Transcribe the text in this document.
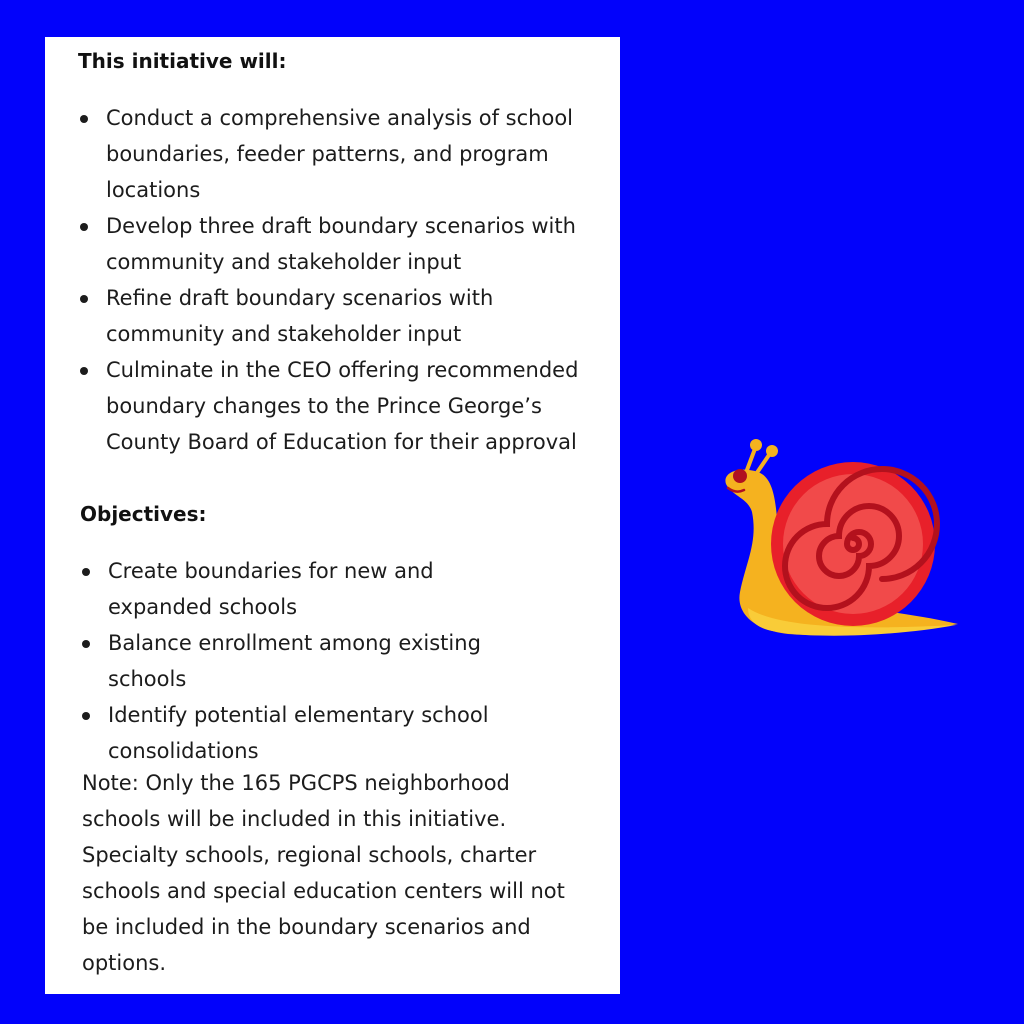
This initiative will:
Conduct a comprehensive analysis of school boundaries, feeder patterns, and program locations
Develop three draft boundary scenarios with community and stakeholder input
Refine draft boundary scenarios with community and stakeholder input
Culminate in the CEO offering recommended boundary changes to the Prince George’s County Board of Education for their approval
Objectives:
Create boundaries for new and expanded schools
Balance enrollment among existing schools
Identify potential elementary school consolidations

Note: Only the 165 PGCPS neighborhood schools will be included in this initiative. Specialty schools, regional schools, charter schools and special education centers will not be included in the boundary scenarios and options.
